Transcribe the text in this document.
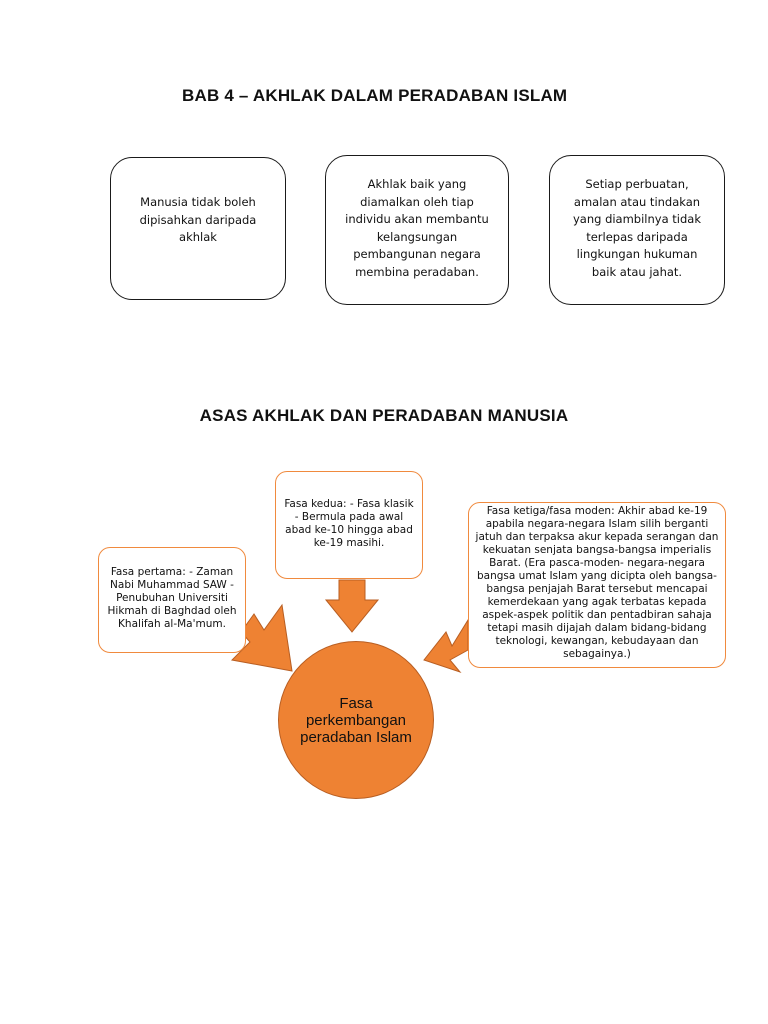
BAB 4 – AKHLAK DALAM PERADABAN ISLAM
Manusia tidak boleh dipisahkan daripada akhlak
Akhlak baik yang diamalkan oleh tiap individu akan membantu kelangsungan pembangunan negara membina peradaban.
Setiap perbuatan, amalan atau tindakan yang diambilnya tidak terlepas daripada lingkungan hukuman baik atau jahat.
ASAS AKHLAK DAN PERADABAN MANUSIA
Fasa pertama: - Zaman Nabi Muhammad SAW - Penubuhan Universiti Hikmah di Baghdad oleh Khalifah al-Ma'mum.
Fasa kedua: - Fasa klasik - Bermula pada awal abad ke-10 hingga abad ke-19 masihi.
Fasa ketiga/fasa moden: Akhir abad ke-19 apabila negara-negara Islam silih berganti jatuh dan terpaksa akur kepada serangan dan kekuatan senjata bangsa-bangsa imperialis Barat. (Era pasca-moden- negara-negara bangsa umat Islam yang dicipta oleh bangsa-bangsa penjajah Barat tersebut mencapai kemerdekaan yang agak terbatas kepada aspek-aspek politik dan pentadbiran sahaja tetapi masih dijajah dalam bidang-bidang teknologi, kewangan, kebudayaan dan sebagainya.)
Fasa perkembangan peradaban Islam
